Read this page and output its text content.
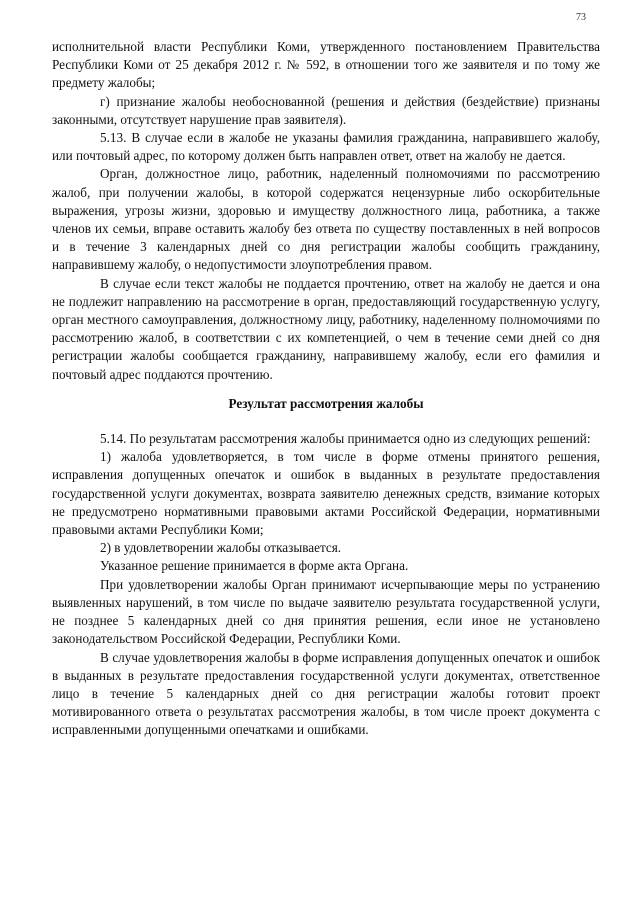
73

исполнительной власти Республики Коми, утвержденного постановлением Правительства Республики Коми от 25 декабря 2012 г. № 592, в отношении того же заявителя и по тому же предмету жалобы;

г) признание жалобы необоснованной (решения и действия (бездействие) признаны законными, отсутствует нарушение прав заявителя).

5.13. В случае если в жалобе не указаны фамилия гражданина, направившего жалобу, или почтовый адрес, по которому должен быть направлен ответ, ответ на жалобу не дается.

Орган, должностное лицо, работник, наделенный полномочиями по рассмотрению жалоб, при получении жалобы, в которой содержатся нецензурные либо оскорбительные выражения, угрозы жизни, здоровью и имуществу должностного лица, работника, а также членов их семьи, вправе оставить жалобу без ответа по существу поставленных в ней вопросов и в течение 3 календарных дней со дня регистрации жалобы сообщить гражданину, направившему жалобу, о недопустимости злоупотребления правом.

В случае если текст жалобы не поддается прочтению, ответ на жалобу не дается и она не подлежит направлению на рассмотрение в орган, предоставляющий государственную услугу, орган местного самоуправления, должностному лицу, работнику, наделенному полномочиями по рассмотрению жалоб, в соответствии с их компетенцией, о чем в течение семи дней со дня регистрации жалобы сообщается гражданину, направившему жалобу, если его фамилия и почтовый адрес поддаются прочтению.

Результат рассмотрения жалобы

5.14. По результатам рассмотрения жалобы принимается одно из следующих решений:

1) жалоба удовлетворяется, в том числе в форме отмены принятого решения, исправления допущенных опечаток и ошибок в выданных в результате предоставления государственной услуги документах, возврата заявителю денежных средств, взимание которых не предусмотрено нормативными правовыми актами Российской Федерации, нормативными правовыми актами Республики Коми;

2) в удовлетворении жалобы отказывается.

Указанное решение принимается в форме акта Органа.

При удовлетворении жалобы Орган принимают исчерпывающие меры по устранению выявленных нарушений, в том числе по выдаче заявителю результата государственной услуги, не позднее 5 календарных дней со дня принятия решения, если иное не установлено законодательством Российской Федерации, Республики Коми.

В случае удовлетворения жалобы в форме исправления допущенных опечаток и ошибок в выданных в результате предоставления государственной услуги документах, ответственное лицо в течение 5 календарных дней со дня регистрации жалобы готовит проект мотивированного ответа о результатах рассмотрения жалобы, в том числе проект документа с исправленными допущенными опечатками и ошибками.
